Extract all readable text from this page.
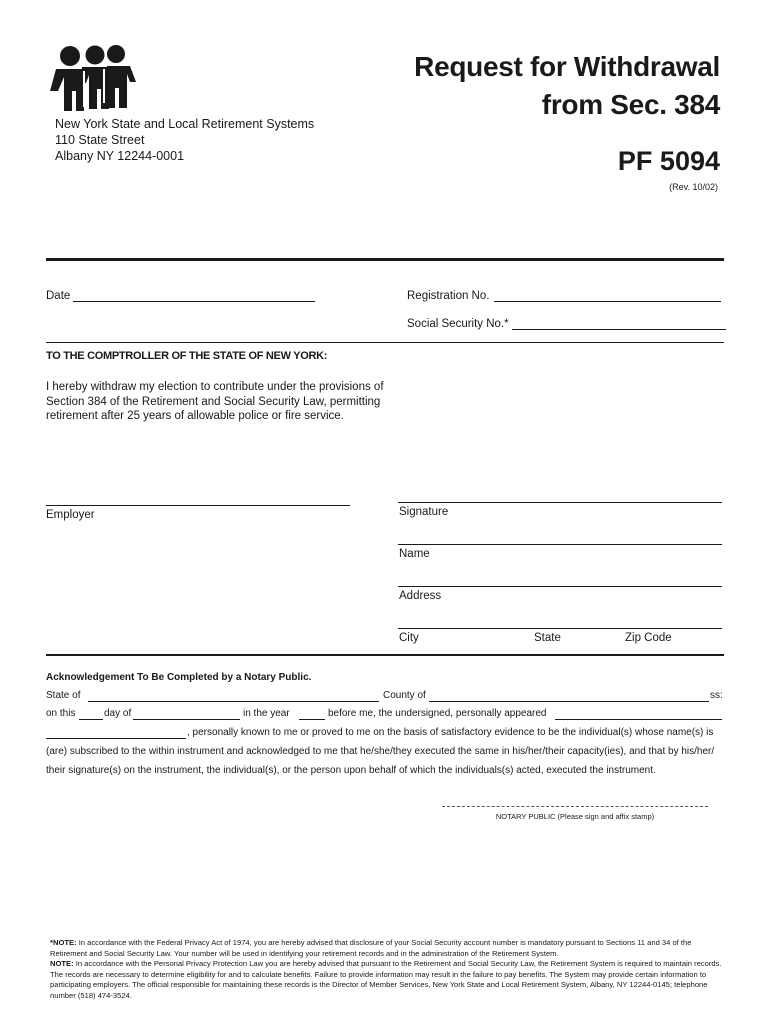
New York State and Local Retirement Systems
110 State Street
Albany NY 12244-0001
Request for Withdrawal
from Sec. 384
PF 5094
(Rev. 10/02)
Date	Registration No.
Social Security No.*
TO THE COMPTROLLER OF THE STATE OF NEW YORK:
I hereby withdraw my election to contribute under the provisions of Section 384 of the Retirement and Social Security Law, permitting retirement after 25 years of allowable police or fire service.
Employer	Signature
Name
Address
City	State	Zip Code
Acknowledgement To Be Completed by a Notary Public.
State of	County of	ss:
on this	day of	in the year	before me, the undersigned, personally appeared
, personally known to me or proved to me on the basis of satisfactory evidence to be the individual(s) whose name(s) is
(are) subscribed to the within instrument and acknowledged to me that he/she/they executed the same in his/her/their capacity(ies), and that by his/her/
their signature(s) on the instrument, the individual(s), or the person upon behalf of which the individuals(s) acted, executed the instrument.
NOTARY PUBLIC (Please sign and affix stamp)

*NOTE: In accordance with the Federal Privacy Act of 1974, you are hereby advised that disclosure of your Social Security account number is mandatory pursuant to Sections 11 and 34 of the Retirement and Social Security Law. Your number will be used in identifying your retirement records and in the administration of the Retirement System.

NOTE: In accordance with the Personal Privacy Protection Law you are hereby advised that pursuant to the Retirement and Social Security Law, the Retirement System is required to maintain records. The records are necessary to determine eligibility for and to calculate benefits. Failure to provide information may result in the failure to pay benefits. The System may provide certain information to participating employers. The official responsible for maintaining these records is the Director of Member Services, New York State and Local Retirement System, Albany, NY 12244-0145; telephone number (518) 474-3524.
